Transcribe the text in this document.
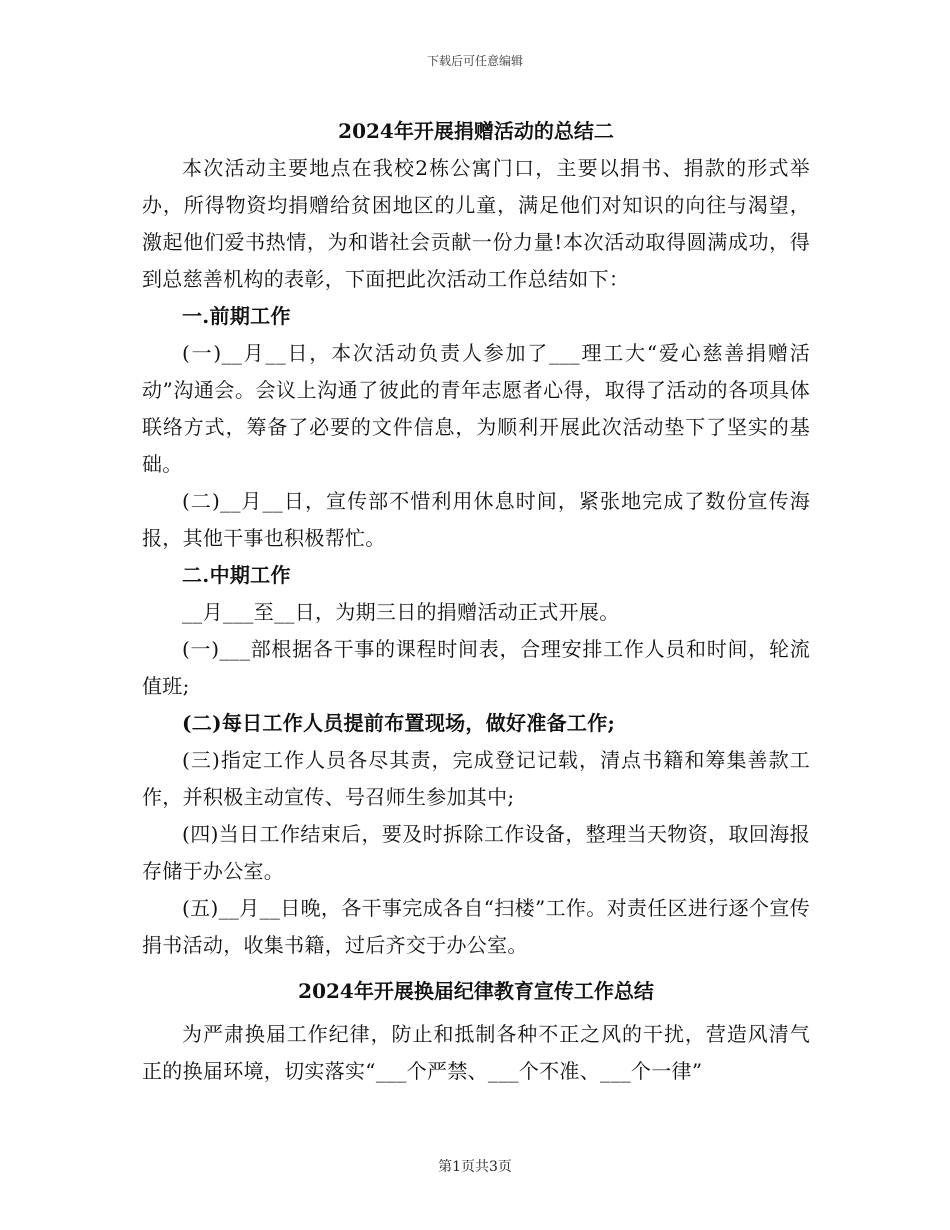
下载后可任意编辑
2024年开展捐赠活动的总结二

本次活动主要地点在我校2栋公寓门口，主要以捐书、捐款的形式举办，所得物资均捐赠给贫困地区的儿童，满足他们对知识的向往与渴望，激起他们爱书热情，为和谐社会贡献一份力量!本次活动取得圆满成功，得到总慈善机构的表彰，下面把此次活动工作总结如下：

一.前期工作

(一)__月__日，本次活动负责人参加了___理工大“爱心慈善捐赠活动”沟通会。会议上沟通了彼此的青年志愿者心得，取得了活动的各项具体联络方式，筹备了必要的文件信息，为顺利开展此次活动垫下了坚实的基础。

(二)__月__日，宣传部不惜利用休息时间，紧张地完成了数份宣传海报，其他干事也积极帮忙。

二.中期工作

__月___至__日，为期三日的捐赠活动正式开展。

(一)___部根据各干事的课程时间表，合理安排工作人员和时间，轮流值班;

(二)每日工作人员提前布置现场，做好准备工作;

(三)指定工作人员各尽其责，完成登记记载，清点书籍和筹集善款工作，并积极主动宣传、号召师生参加其中;

(四)当日工作结束后，要及时拆除工作设备，整理当天物资，取回海报存储于办公室。

(五)__月__日晚，各干事完成各自“扫楼”工作。对责任区进行逐个宣传捐书活动，收集书籍，过后齐交于办公室。

2024年开展换届纪律教育宣传工作总结

为严肃换届工作纪律，防止和抵制各种不正之风的干扰，营造风清气正的换届环境，切实落实“___个严禁、___个不准、___个一律”

第1页共3页
